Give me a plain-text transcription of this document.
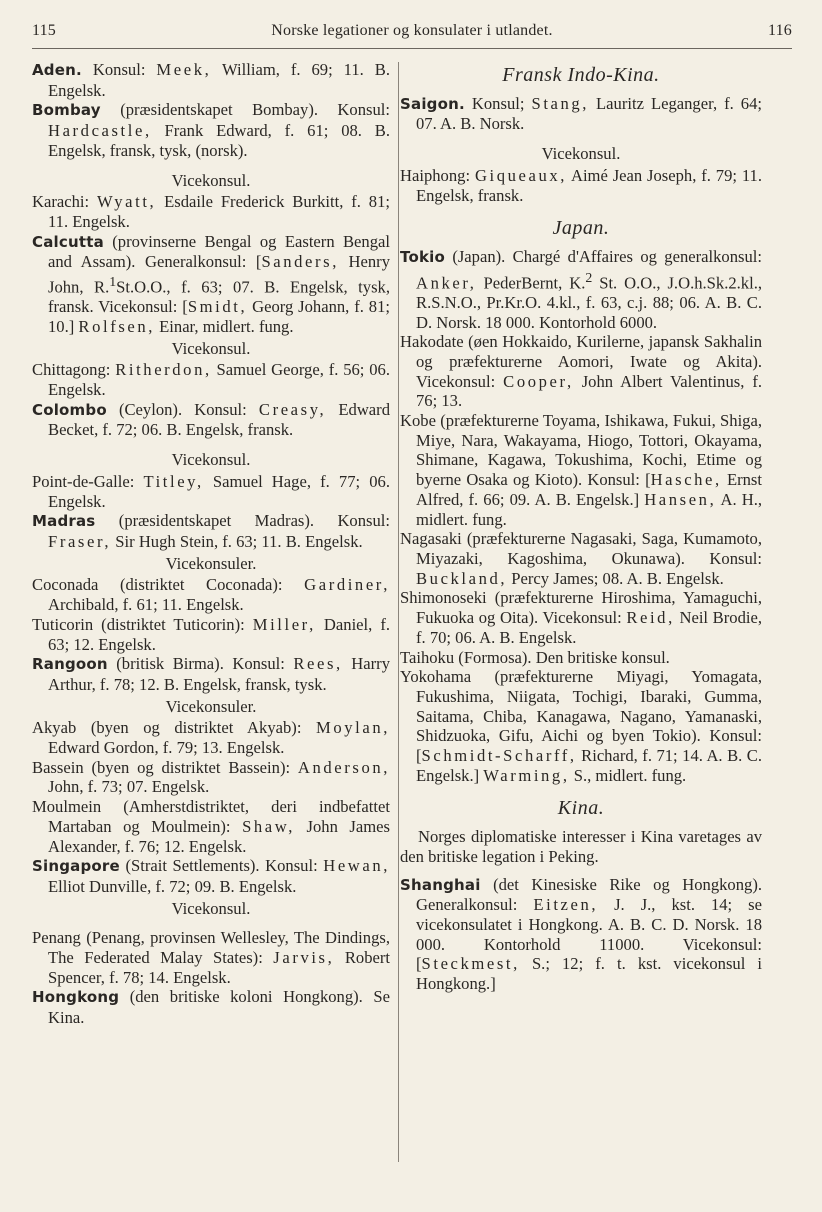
115	Norske legationer og konsulater i utlandet.	116

Aden. Konsul: Meek, William, f. 69; 11. B. Engelsk.

Bombay (præsidentskapet Bombay). Konsul: Hardcastle, Frank Edward, f. 61; 08. B. Engelsk, fransk, tysk, (norsk).

Vicekonsul.

Karachi: Wyatt, Esdaile Frederick Burkitt, f. 81; 11. Engelsk.

Calcutta (provinserne Bengal og Eastern Bengal and Assam). Generalkonsul: [Sanders, Henry John, R.$^1$St.O.O., f. 63; 07. B. Engelsk, tysk, fransk. Vicekonsul: [Smidt, Georg Johann, f. 81; 10.] Rolfsen, Einar, midlert. fung.

Vicekonsul.

Chittagong: Ritherdon, Samuel George, f. 56; 06. Engelsk.

Colombo (Ceylon). Konsul: Creasy, Edward Becket, f. 72; 06. B. Engelsk, fransk.

Vicekonsul.

Point-de-Galle: Titley, Samuel Hage, f. 77; 06. Engelsk.

Madras (præsidentskapet Madras). Konsul: Fraser, Sir Hugh Stein, f. 63; 11. B. Engelsk.

Vicekonsuler.

Coconada (distriktet Coconada): Gardiner, Archibald, f. 61; 11. Engelsk.

Tuticorin (distriktet Tuticorin): Miller, Daniel, f. 63; 12. Engelsk.

Rangoon (britisk Birma). Konsul: Rees, Harry Arthur, f. 78; 12. B. Engelsk, fransk, tysk.

Vicekonsuler.

Akyab (byen og distriktet Akyab): Moylan, Edward Gordon, f. 79; 13. Engelsk.

Bassein (byen og distriktet Bassein): Anderson, John, f. 73; 07. Engelsk.

Moulmein (Amherstdistriktet, deri indbefattet Martaban og Moulmein): Shaw, John James Alexander, f. 76; 12. Engelsk.

Singapore (Strait Settlements). Konsul: Hewan, Elliot Dunville, f. 72; 09. B. Engelsk.

Vicekonsul.

Penang (Penang, provinsen Wellesley, The Dindings, The Federated Malay States): Jarvis, Robert Spencer, f. 78; 14. Engelsk.

Hongkong (den britiske koloni Hongkong). Se Kina.

Fransk Indo-Kina.

Saigon. Konsul; Stang, Lauritz Leganger, f. 64; 07. A. B. Norsk.

Vicekonsul.

Haiphong: Giqueaux, Aimé Jean Joseph, f. 79; 11. Engelsk, fransk.

Japan.

Tokio (Japan). Chargé d'Affaires og generalkonsul: Anker, PederBernt, K.$^2$ St. O.O., J.O.h.Sk.2.kl., R.S.N.O., Pr.Kr.O. 4.kl., f. 63, c.j. 88; 06. A. B. C. D. Norsk. 18 000. Kontorhold 6000.

Hakodate (øen Hokkaido, Kurilerne, japansk Sakhalin og præfekturerne Aomori, Iwate og Akita). Vicekonsul: Cooper, John Albert Valentinus, f. 76; 13.

Kobe (præfekturerne Toyama, Ishikawa, Fukui, Shiga, Miye, Nara, Wakayama, Hiogo, Tottori, Okayama, Shimane, Kagawa, Tokushima, Kochi, Etime og byerne Osaka og Kioto). Konsul: [Hasche, Ernst Alfred, f. 66; 09. A. B. Engelsk.] Hansen, A. H., midlert. fung.

Nagasaki (præfekturerne Nagasaki, Saga, Kumamoto, Miyazaki, Kagoshima, Okunawa). Konsul: Buckland, Percy James; 08. A. B. Engelsk.

Shimonoseki (præfekturerne Hiroshima, Yamaguchi, Fukuoka og Oita). Vicekonsul: Reid, Neil Brodie, f. 70; 06. A. B. Engelsk.

Taihoku (Formosa). Den britiske konsul.

Yokohama (præfekturerne Miyagi, Yomagata, Fukushima, Niigata, Tochigi, Ibaraki, Gumma, Saitama, Chiba, Kanagawa, Nagano, Yamanaski, Shidzuoka, Gifu, Aichi og byen Tokio). Konsul: [Schmidt-Scharff, Richard, f. 71; 14. A. B. C. Engelsk.] Warming, S., midlert. fung.

Kina.

Norges diplomatiske interesser i Kina varetages av den britiske legation i Peking.

Shanghai (det Kinesiske Rike og Hongkong). Generalkonsul: Eitzen, J. J., kst. 14; se vicekonsulatet i Hongkong. A. B. C. D. Norsk. 18 000. Kontorhold 11000. Vicekonsul: [Steckmest, S.; 12; f. t. kst. vicekonsul i Hongkong.]
